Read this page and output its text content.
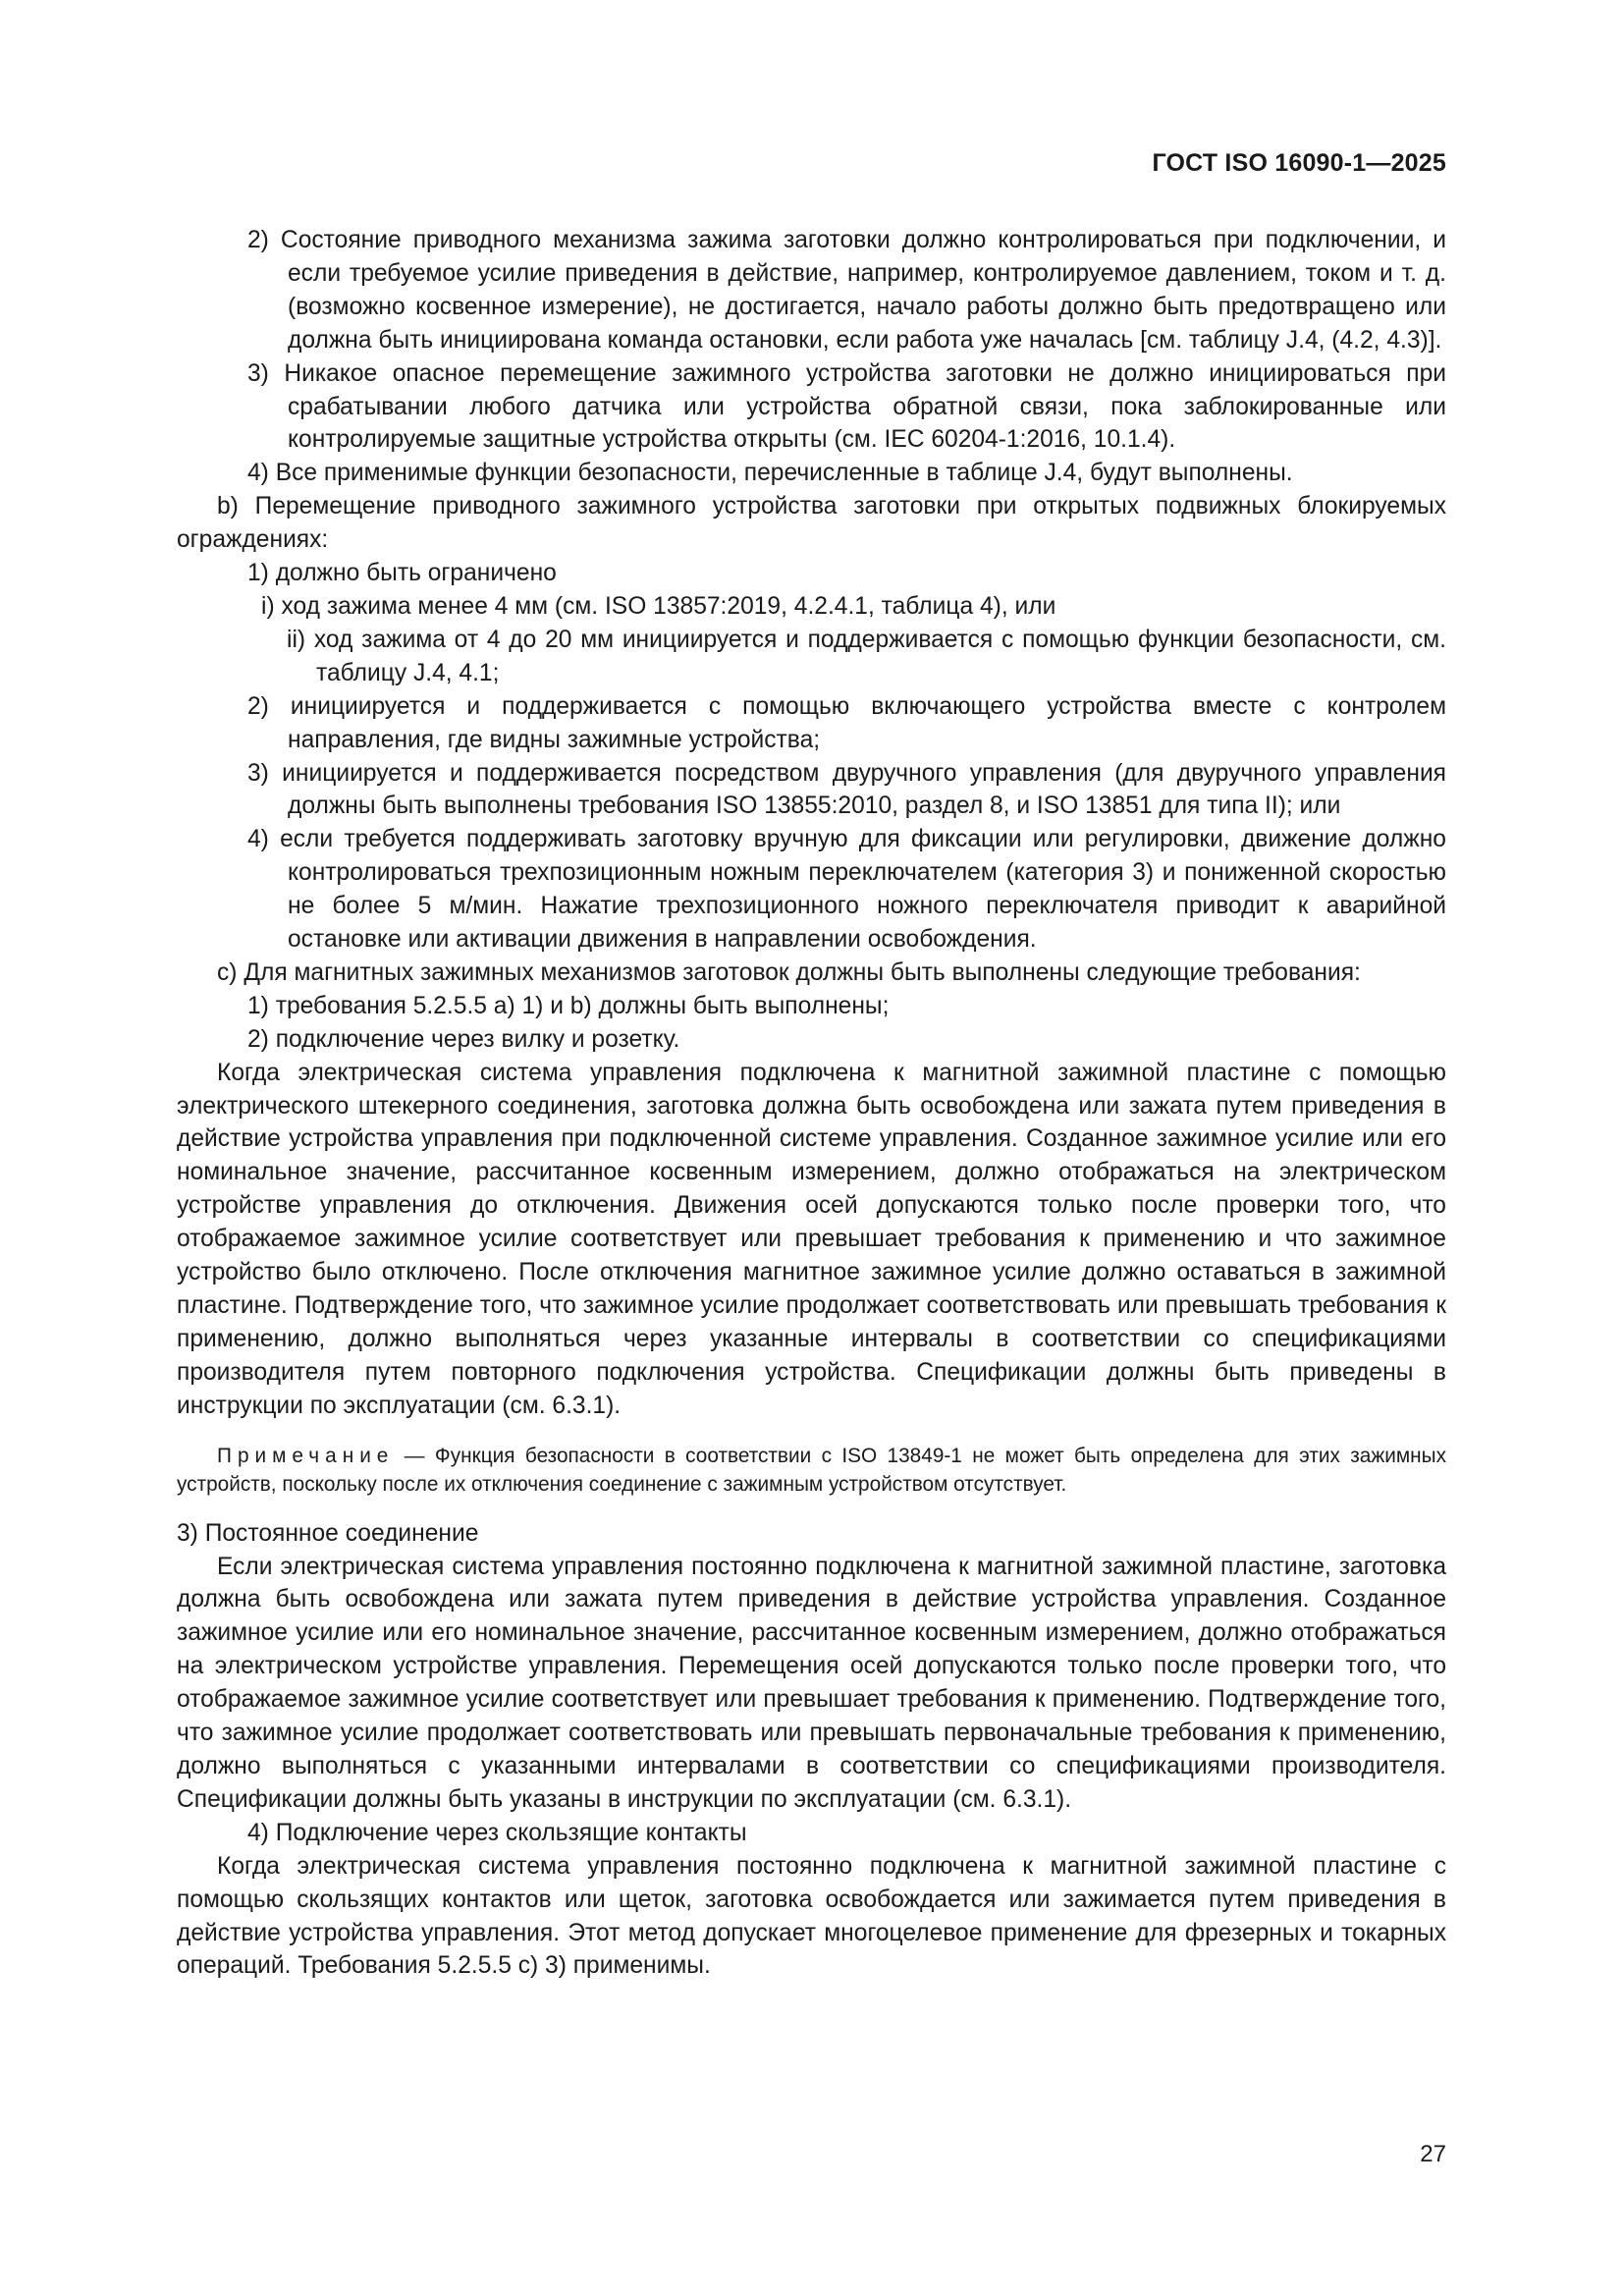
ГОСТ ISO 16090-1—2025

2) Состояние приводного механизма зажима заготовки должно контролироваться при подключении, и если требуемое усилие приведения в действие, например, контролируемое давлением, током и т. д. (возможно косвенное измерение), не достигается, начало работы должно быть предотвращено или должна быть инициирована команда остановки, если работа уже началась [см. таблицу J.4, (4.2, 4.3)].

3) Никакое опасное перемещение зажимного устройства заготовки не должно инициироваться при срабатывании любого датчика или устройства обратной связи, пока заблокированные или контролируемые защитные устройства открыты (см. IEC 60204-1:2016, 10.1.4).

4) Все применимые функции безопасности, перечисленные в таблице J.4, будут выполнены.

b) Перемещение приводного зажимного устройства заготовки при открытых подвижных блокируемых ограждениях:

1) должно быть ограничено

i) ход зажима менее 4 мм (см. ISO 13857:2019, 4.2.4.1, таблица 4), или

ii) ход зажима от 4 до 20 мм инициируется и поддерживается с помощью функции безопасности, см. таблицу J.4, 4.1;

2) инициируется и поддерживается с помощью включающего устройства вместе с контролем направления, где видны зажимные устройства;

3) инициируется и поддерживается посредством двуручного управления (для двуручного управления должны быть выполнены требования ISO 13855:2010, раздел 8, и ISO 13851 для типа II); или

4) если требуется поддерживать заготовку вручную для фиксации или регулировки, движение должно контролироваться трехпозиционным ножным переключателем (категория 3) и пониженной скоростью не более 5 м/мин. Нажатие трехпозиционного ножного переключателя приводит к аварийной остановке или активации движения в направлении освобождения.

c) Для магнитных зажимных механизмов заготовок должны быть выполнены следующие требования:

1) требования 5.2.5.5 a) 1) и b) должны быть выполнены;

2) подключение через вилку и розетку.

Когда электрическая система управления подключена к магнитной зажимной пластине с помощью электрического штекерного соединения, заготовка должна быть освобождена или зажата путем приведения в действие устройства управления при подключенной системе управления. Созданное зажимное усилие или его номинальное значение, рассчитанное косвенным измерением, должно отображаться на электрическом устройстве управления до отключения. Движения осей допускаются только после проверки того, что отображаемое зажимное усилие соответствует или превышает требования к применению и что зажимное устройство было отключено. После отключения магнитное зажимное усилие должно оставаться в зажимной пластине. Подтверждение того, что зажимное усилие продолжает соответствовать или превышать требования к применению, должно выполняться через указанные интервалы в соответствии со спецификациями производителя путем повторного подключения устройства. Спецификации должны быть приведены в инструкции по эксплуатации (см. 6.3.1).

Примечание — Функция безопасности в соответствии с ISO 13849-1 не может быть определена для этих зажимных устройств, поскольку после их отключения соединение с зажимным устройством отсутствует.

3) Постоянное соединение

Если электрическая система управления постоянно подключена к магнитной зажимной пластине, заготовка должна быть освобождена или зажата путем приведения в действие устройства управления. Созданное зажимное усилие или его номинальное значение, рассчитанное косвенным измерением, должно отображаться на электрическом устройстве управления. Перемещения осей допускаются только после проверки того, что отображаемое зажимное усилие соответствует или превышает требования к применению. Подтверждение того, что зажимное усилие продолжает соответствовать или превышать первоначальные требования к применению, должно выполняться с указанными интервалами в соответствии со спецификациями производителя. Спецификации должны быть указаны в инструкции по эксплуатации (см. 6.3.1).

4) Подключение через скользящие контакты

Когда электрическая система управления постоянно подключена к магнитной зажимной пластине с помощью скользящих контактов или щеток, заготовка освобождается или зажимается путем приведения в действие устройства управления. Этот метод допускает многоцелевое применение для фрезерных и токарных операций. Требования 5.2.5.5 c) 3) применимы.

27
